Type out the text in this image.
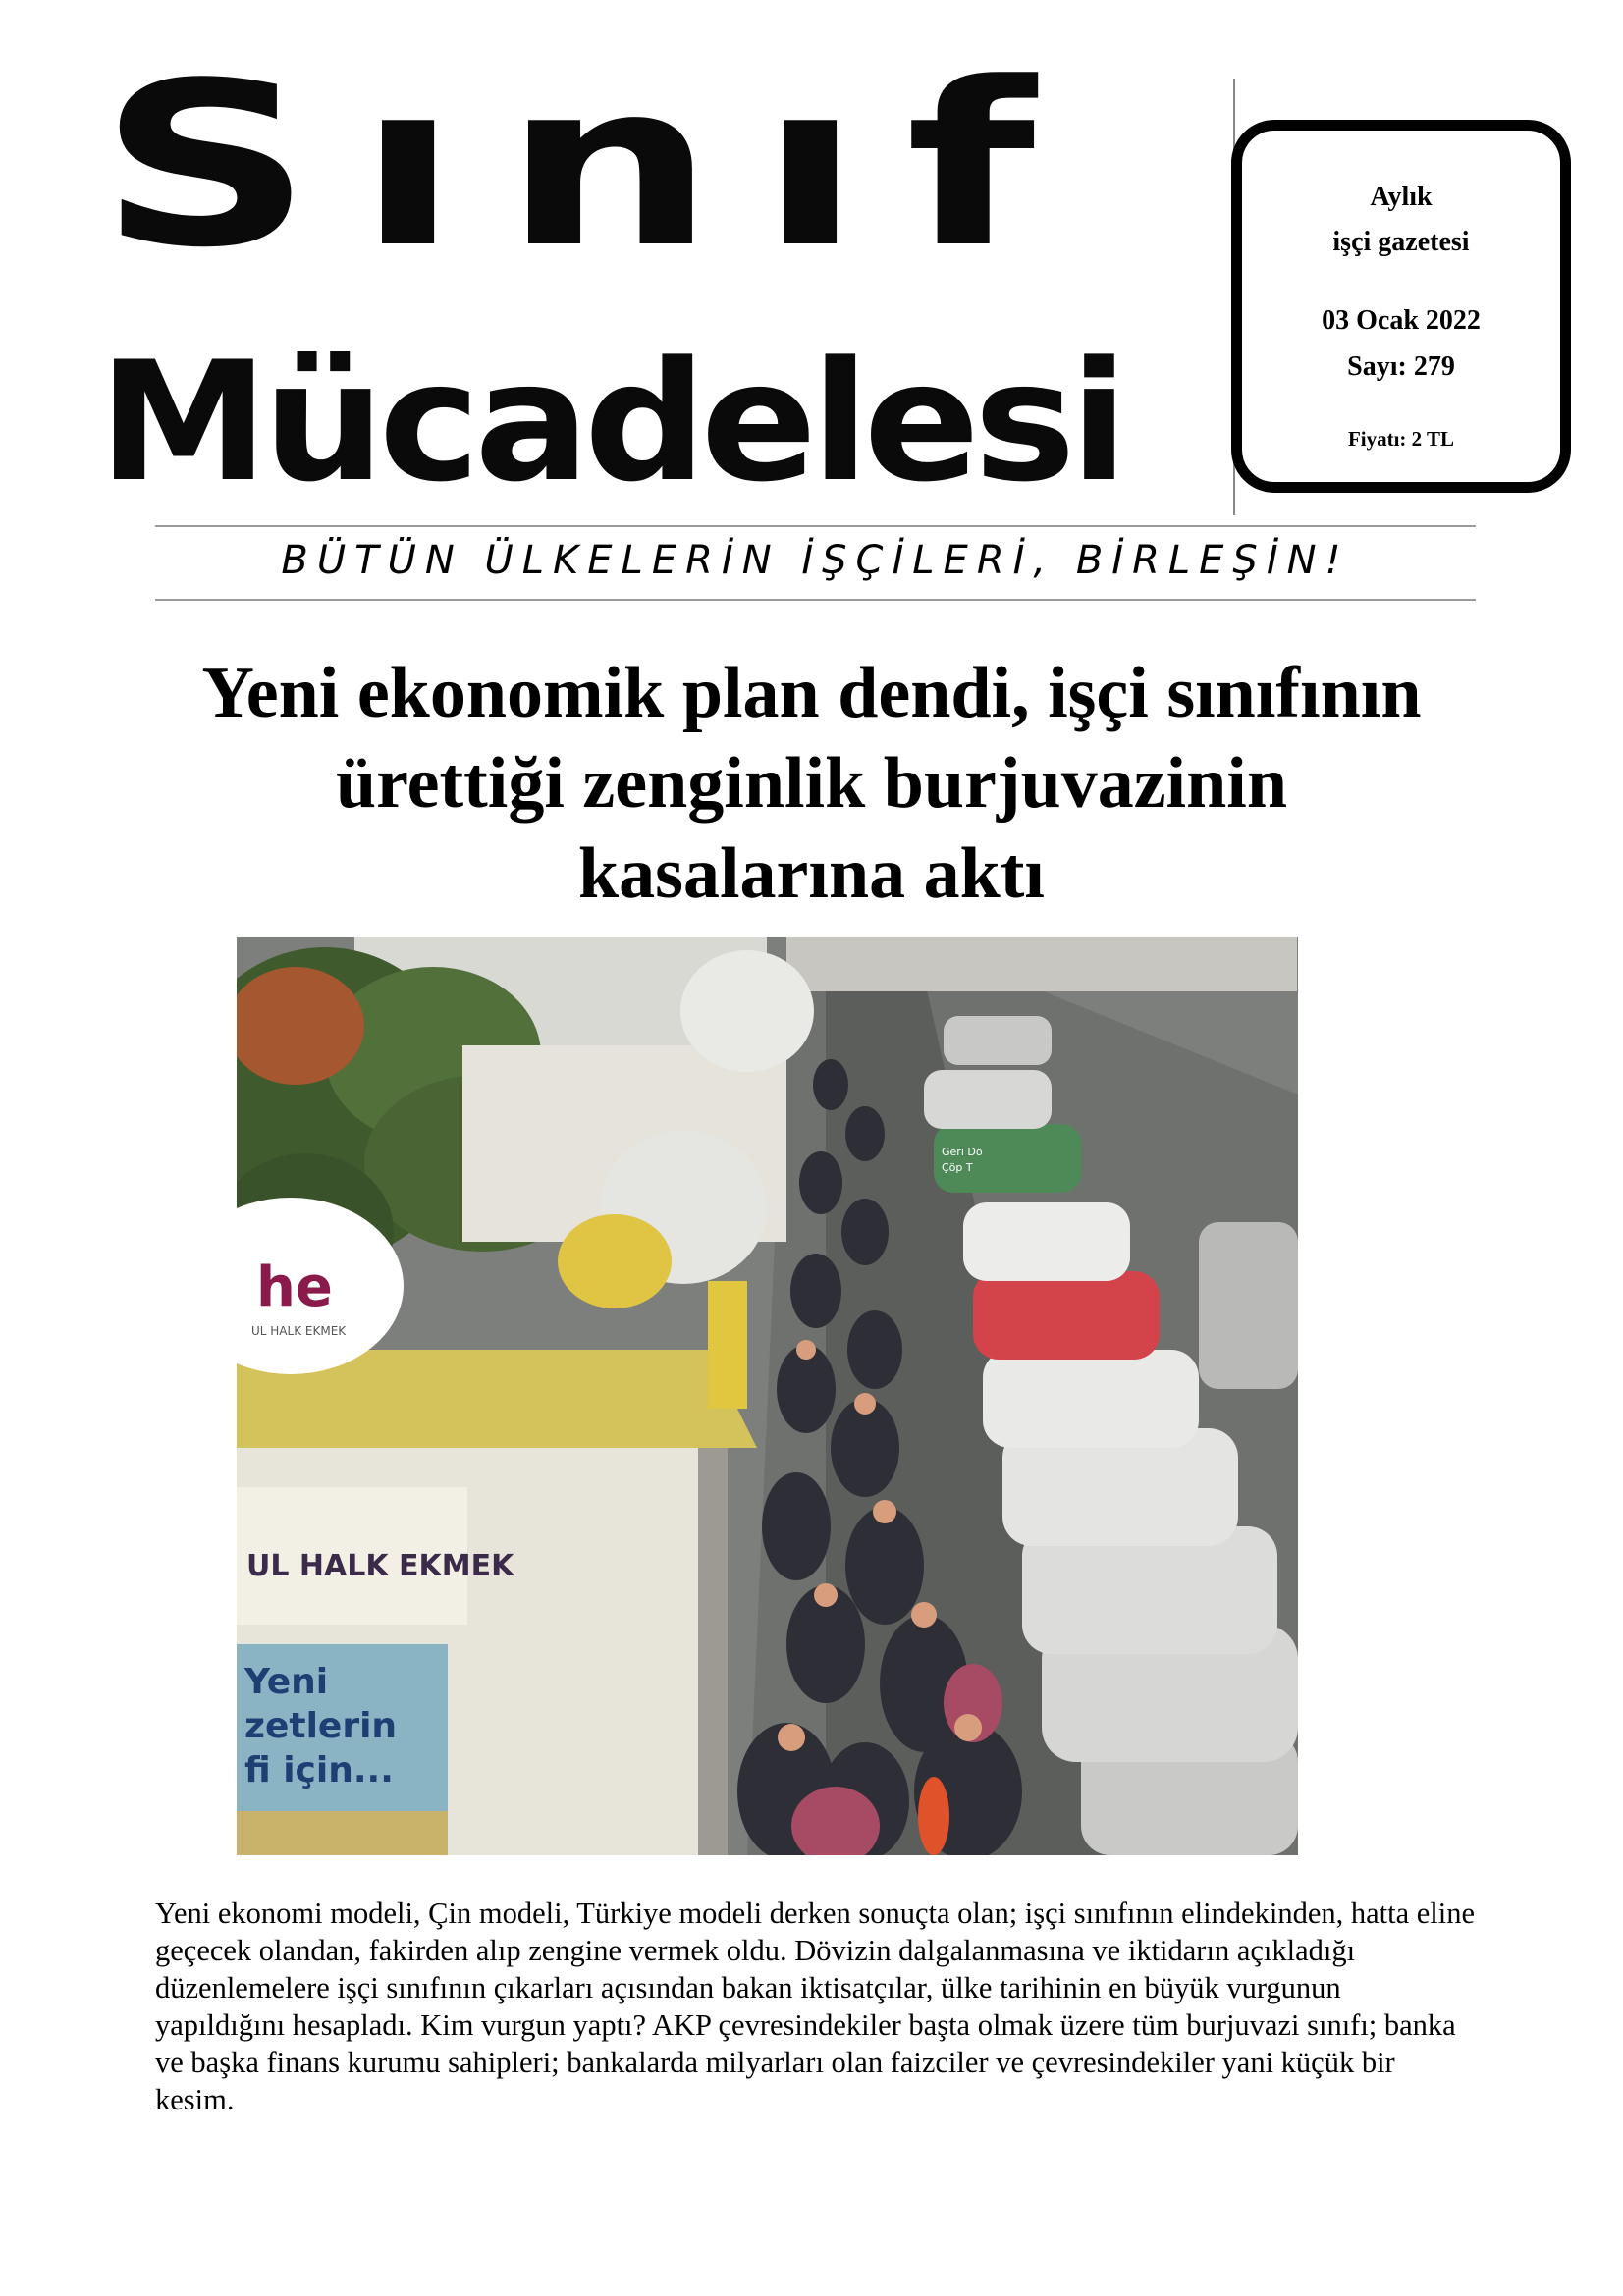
Sınıf
Mücadelesi
Aylık
işçi gazetesi
03 Ocak 2022
Sayı: 279
Fiyatı: 2 TL
BÜTÜN ÜLKELERİN İŞÇİLERİ, BİRLEŞİN!
Yeni ekonomik plan dendi, işçi sınıfının
ürettiği zenginlik burjuvazinin
kasalarına aktı
he
UL HALK EKMEK
UL HALK EKMEK
Yeni
zetlerin
fi için...
Geri Dö
Çöp T

Yeni ekonomi modeli, Çin modeli, Türkiye modeli derken sonuçta olan; işçi sınıfının elindekinden, hatta eline geçecek olandan, fakirden alıp zengine vermek oldu. Dövizin dalgalanmasına ve iktidarın açıkladığı düzenlemelere işçi sınıfının çıkarları açısından bakan iktisatçılar, ülke tarihinin en büyük vurgunun yapıldığını hesapladı. Kim vurgun yaptı? AKP çevresindekiler başta olmak üzere tüm burjuvazi sınıfı; banka ve başka finans kurumu sahipleri; bankalarda milyarları olan faizciler ve çevresindekiler yani küçük bir kesim.
